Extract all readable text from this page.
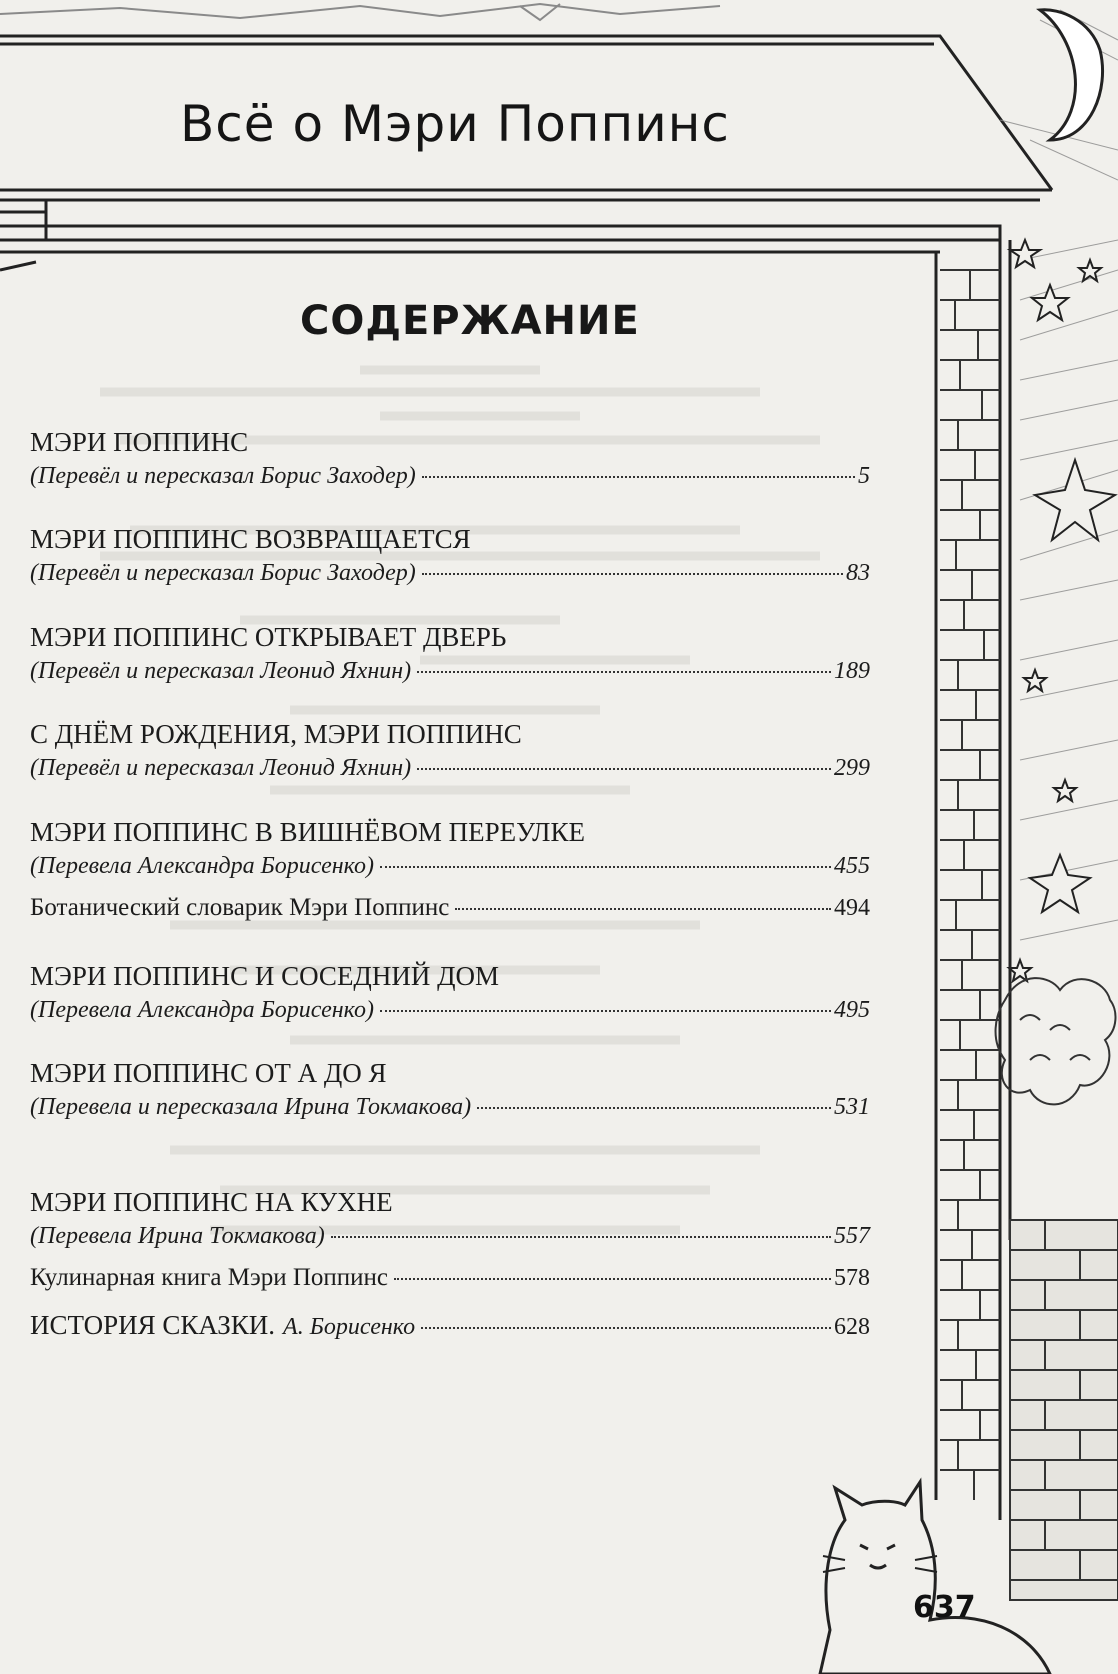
Всё о Мэри Поппинс
СОДЕРЖАНИЕ
МЭРИ ПОППИНС
(Перевёл и пересказал Борис Заходер)	5
МЭРИ ПОППИНС ВОЗВРАЩАЕТСЯ
(Перевёл и пересказал Борис Заходер)	83
МЭРИ ПОППИНС ОТКРЫВАЕТ ДВЕРЬ
(Перевёл и пересказал Леонид Яхнин)	189
С ДНЁМ РОЖДЕНИЯ, МЭРИ ПОППИНС
(Перевёл и пересказал Леонид Яхнин)	299
МЭРИ ПОППИНС В ВИШНЁВОМ ПЕРЕУЛКЕ
(Перевела Александра Борисенко)	455
Ботанический словарик Мэри Поппинс	494
МЭРИ ПОППИНС И СОСЕДНИЙ ДОМ
(Перевела Александра Борисенко)	495
МЭРИ ПОППИНС ОТ А ДО Я
(Перевела и пересказала Ирина Токмакова)	531
МЭРИ ПОППИНС НА КУХНЕ
(Перевела Ирина Токмакова)	557
Кулинарная книга Мэри Поппинс	578
ИСТОРИЯ СКАЗКИ. А. Борисенко	628
637
